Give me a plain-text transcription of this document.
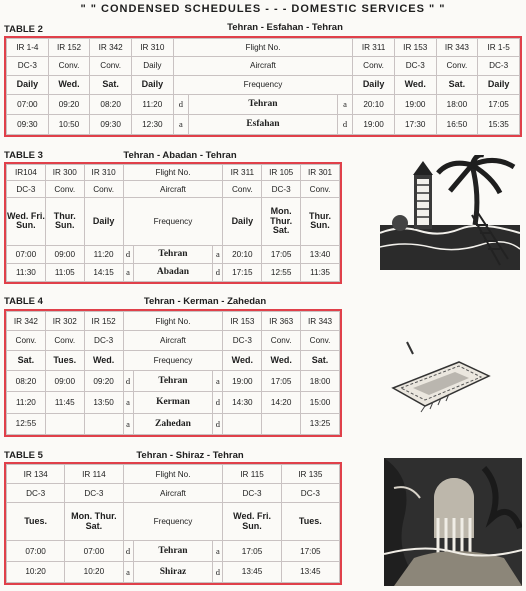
" " CONDENSED SCHEDULES - - - DOMESTIC SERVICES " "
TABLE 2	Tehran - Esfahan - Tehran
IR 1-4	IR 152	IR 342	IR 310	Flight No.			IR 311	IR 153	IR 343	IR 1-5
DC-3	Conv.	Conv.	Daily	Aircraft			Conv.	DC-3	Conv.	DC-3
Daily	Wed.	Sat.	Daily	Frequency			Daily	Wed.	Sat.	Daily
07:00	09:20	08:20	11:20	d	Tehran	a	20:10	19:00	18:00	17:05
09:30	10:50	09:30	12:30	a	Esfahan	d	19:00	17:30	16:50	15:35
TABLE 3	Tehran - Abadan - Tehran
IR104	IR 300	IR 310	Flight No.			IR 311	IR 105	IR 301
DC-3	Conv.	Conv.	Aircraft			Conv.	DC-3	Conv.
Wed. Fri. Sun.	Thur. Sun.	Daily	Frequency			Daily	Mon. Thur. Sat.	Thur. Sun.
07:00	09:00	11:20	d	Tehran	a	20:10	17:05	13:40
11:30	11:05	14:15	a	Abadan	d	17:15	12:55	11:35
TABLE 4	Tehran - Kerman - Zahedan
IR 342	IR 302	IR 152	Flight No.			IR 153	IR 363	IR 343
Conv.	Conv.	DC-3	Aircraft			DC-3	Conv.	Conv.
Sat.	Tues.	Wed.	Frequency			Wed.	Wed.	Sat.
08:20	09:00	09:20	d	Tehran	a	19:00	17:05	18:00
11:20	11:45	13:50	a	Kerman	d	14:30	14:20	15:00
12:55			a	Zahedan	d			13:25
TABLE 5	Tehran - Shiraz - Tehran
IR 134	IR 114	Flight No.			IR 115	IR 135
DC-3	DC-3	Aircraft			DC-3	DC-3
Tues.	Mon. Thur. Sat.	Frequency			Wed. Fri. Sun.	Tues.
07:00	07:00	d	Tehran	a	17:05	17:05
10:20	10:20	a	Shiraz	d	13:45	13:45
